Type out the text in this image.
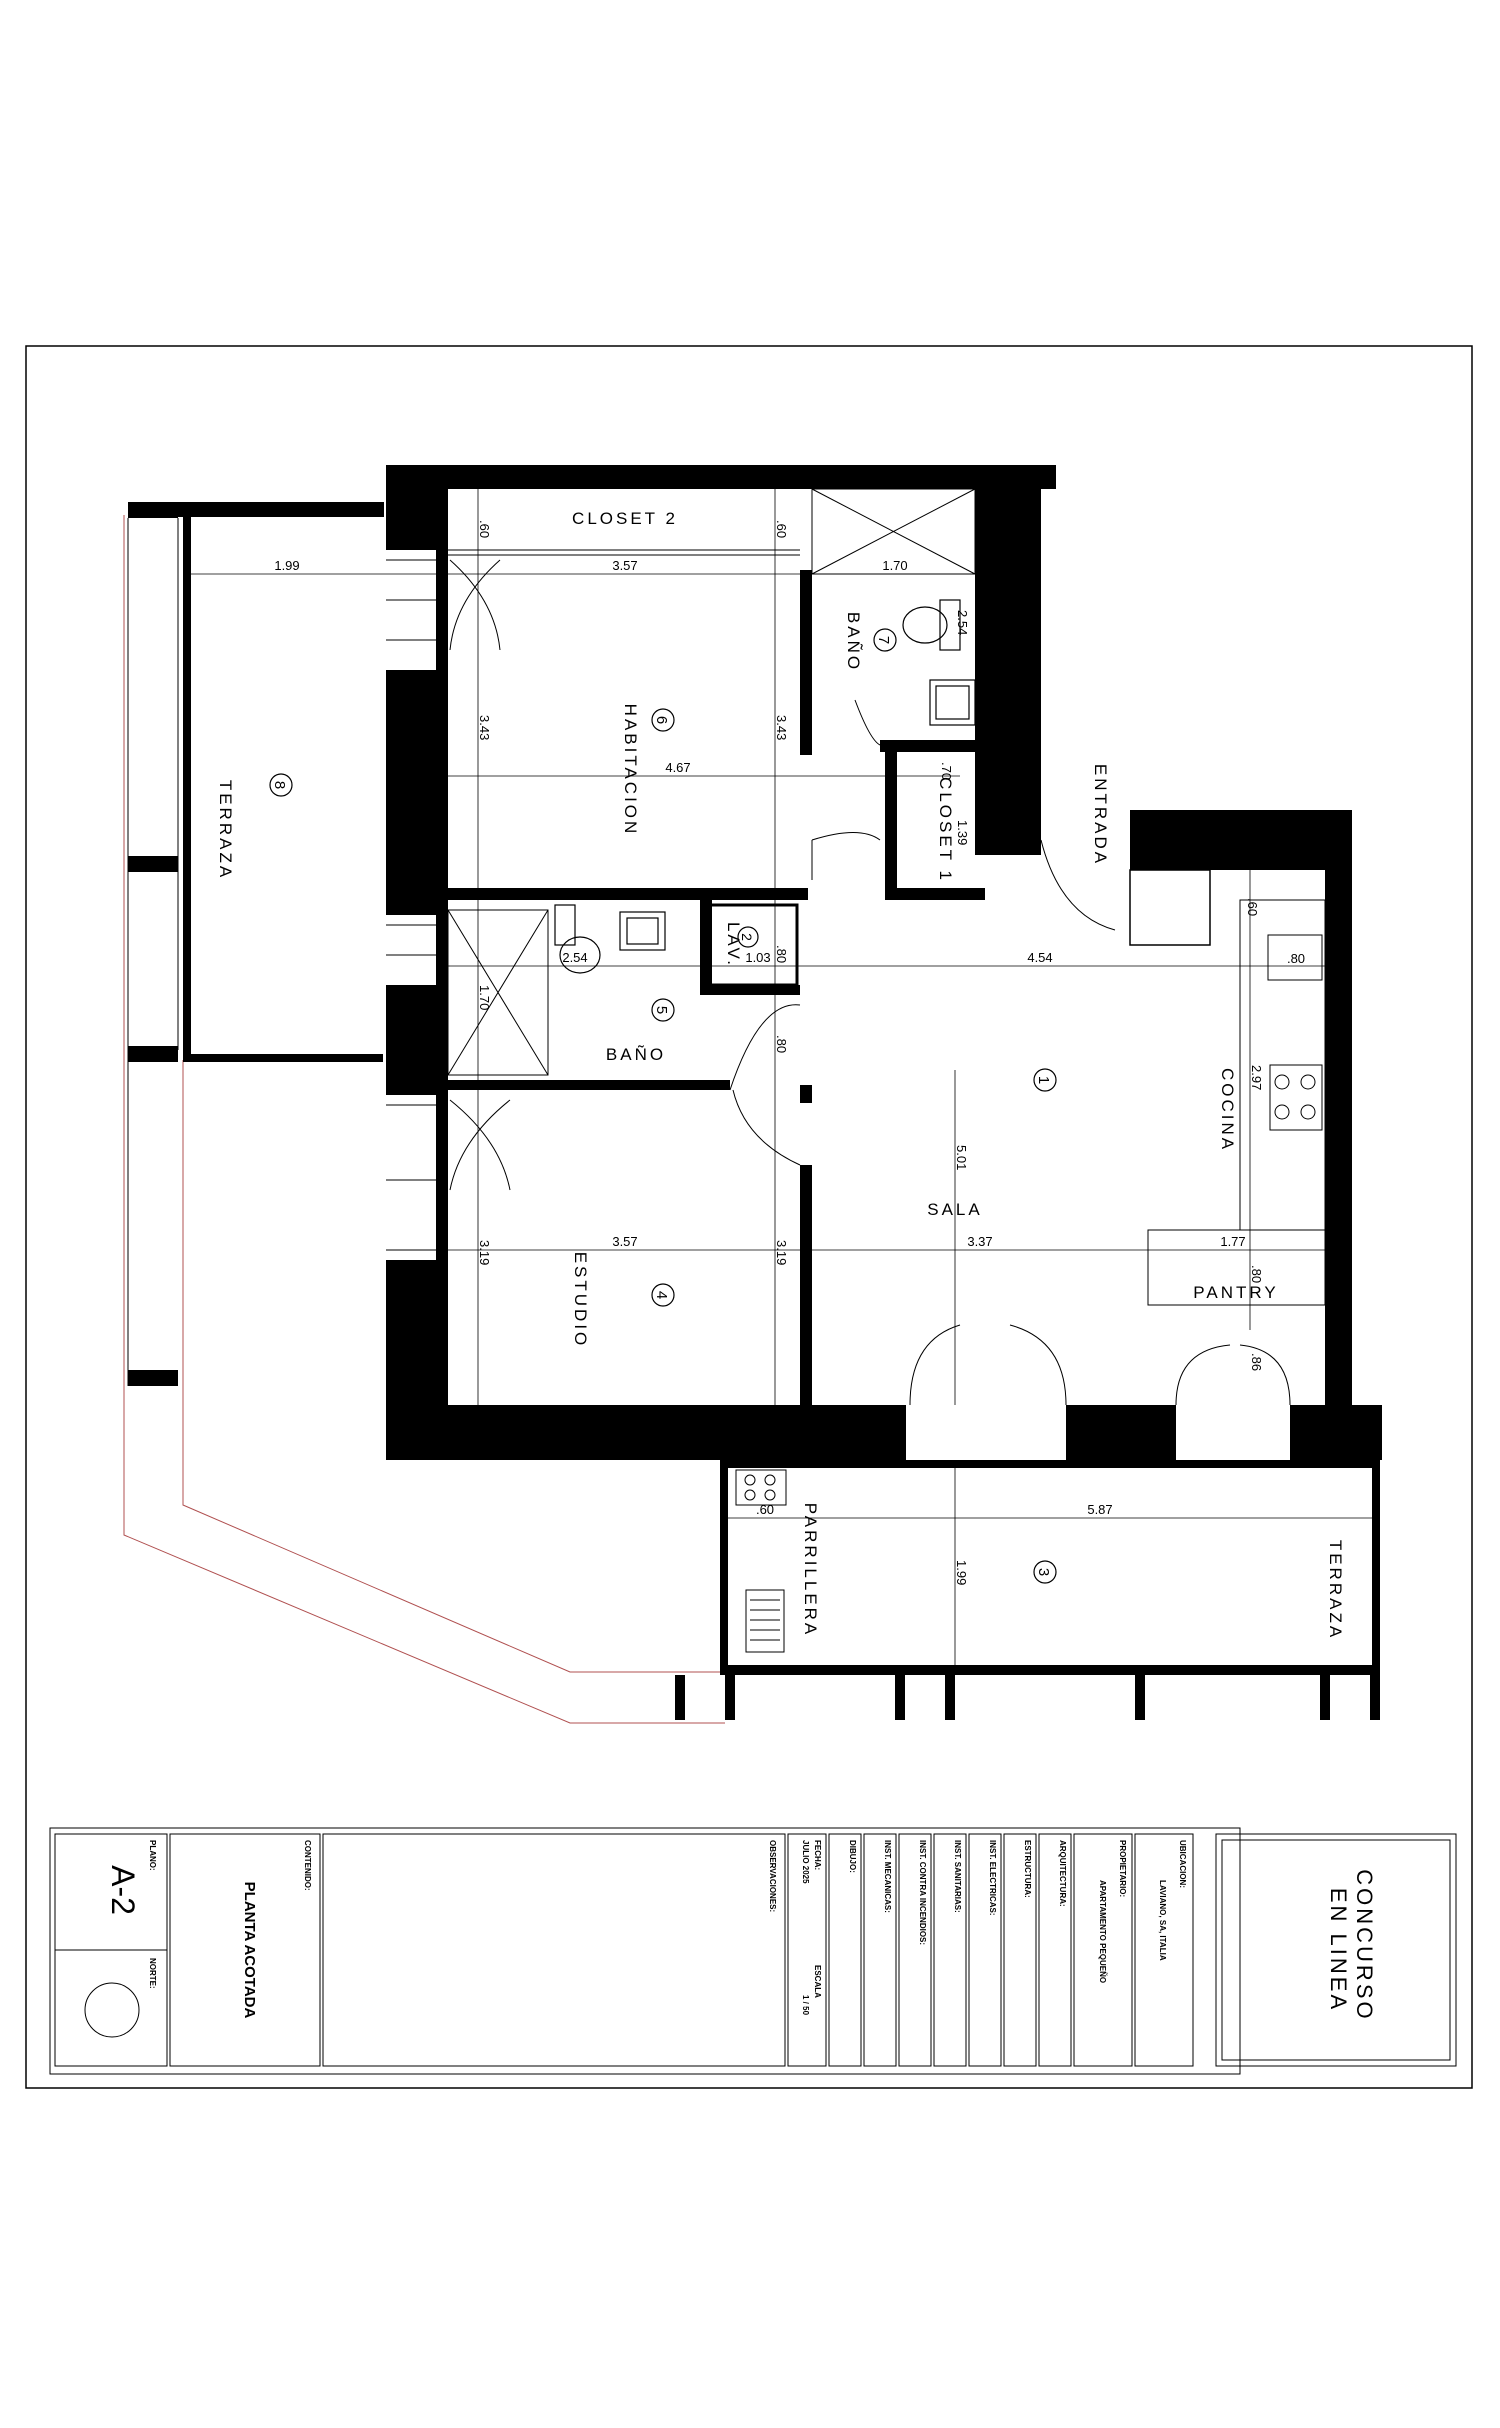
8
TERRAZA
6
HABITACION
CLOSET 2
7
BAÑO
CLOSET 1	ENTRADA
2
LAV.
5
BAÑO
1
SALA
COCINA
PANTRY
4
ESTUDIO
3	TERRAZA
PARRILLERA
1.99	3.57	1.70
.60	.60
2.54
3.43	3.43
4.67	.70
1.39
.60
.80
1.03	4.54	.80
2.54
1.70
.80
2.97
5.01
3.19	3.57	3.19	3.37	1.77
.80
.86
.60	5.87
1.99
PLANO:
A-2
NORTE:
CONTENIDO:
PLANTA ACOTADA
OBSERVACIONES:	FECHA:
JULIO 2025
ESCALA
1 / 50
DIBUJO:	INST. MECANICAS:	INST. CONTRA INCENDIOS:	INST. SANITARIAS:	INST. ELECTRICAS:	ESTRUCTURA:	ARQUITECTURA:	PROPIETARIO:
APARTAMENTO PEQUEÑO
UBICACION:
LAVIANO, SA, ITALIA	CONCURSO EN LINEA
